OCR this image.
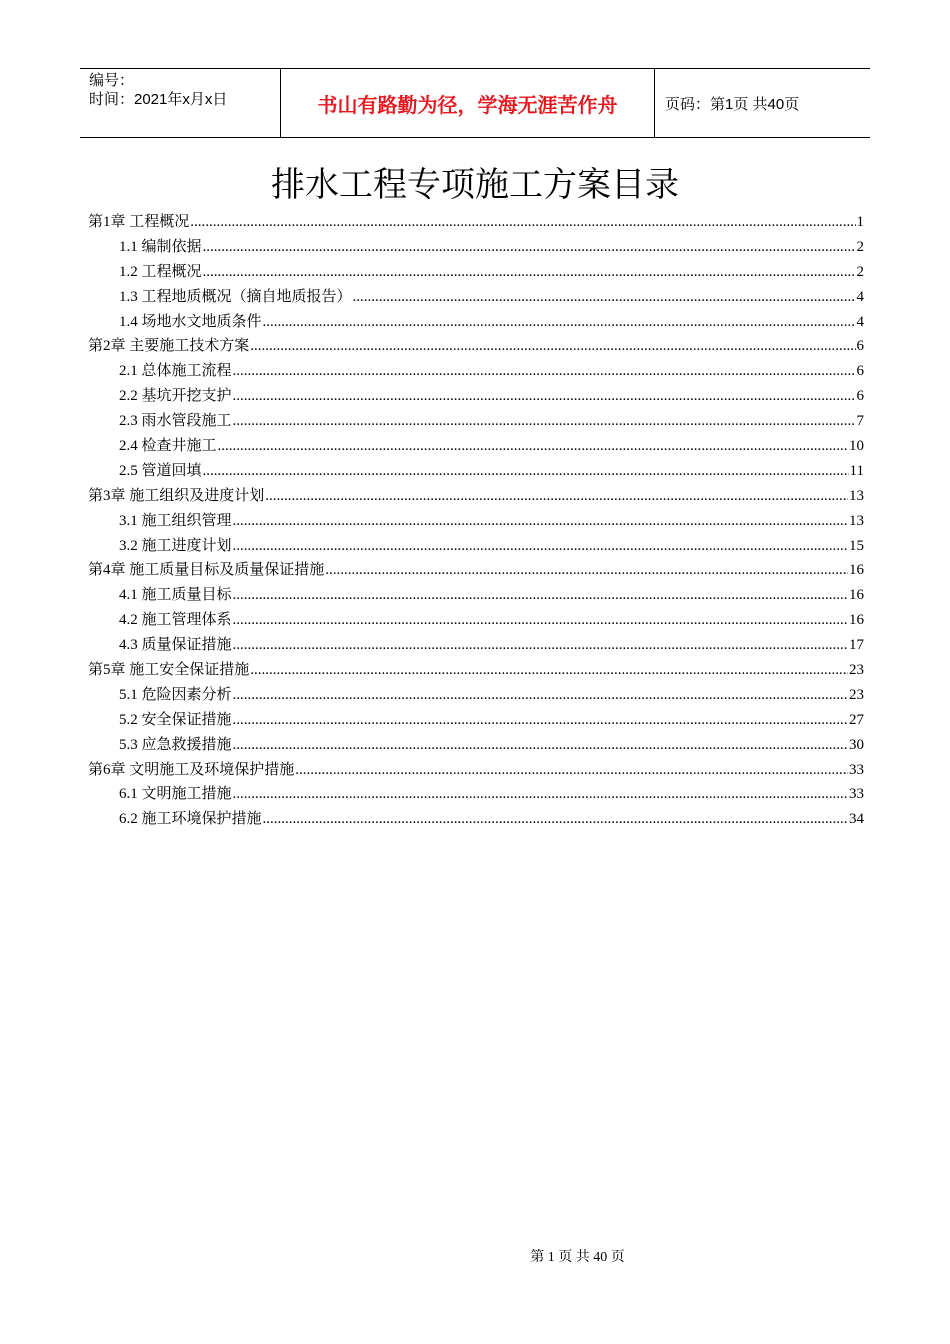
编号：
时间：2021年x月x日	书山有路勤为径，学海无涯苦作舟	页码：第1页 共40页
排水工程专项施工方案目录
第1章 工程概况 .....	1
1.1 编制依据 .....	2
1.2 工程概况 .....	2
1.3 工程地质概况（摘自地质报告） .....	4
1.4 场地水文地质条件 .....	4
第2章 主要施工技术方案 .....	6
2.1 总体施工流程 .....	6
2.2 基坑开挖支护 .....	6
2.3 雨水管段施工 .....	7
2.4 检查井施工 .....	10
2.5 管道回填 .....	11
第3章 施工组织及进度计划 .....	13
3.1 施工组织管理 .....	13
3.2 施工进度计划 .....	15
第4章 施工质量目标及质量保证措施 .....	16
4.1 施工质量目标 .....	16
4.2 施工管理体系 .....	16
4.3 质量保证措施 .....	17
第5章 施工安全保证措施 .....	23
5.1 危险因素分析 .....	23
5.2 安全保证措施 .....	27
5.3 应急救援措施 .....	30
第6章 文明施工及环境保护措施 .....	33
6.1 文明施工措施 .....	33
6.2 施工环境保护措施 .....	34
第 1 页 共 40 页
